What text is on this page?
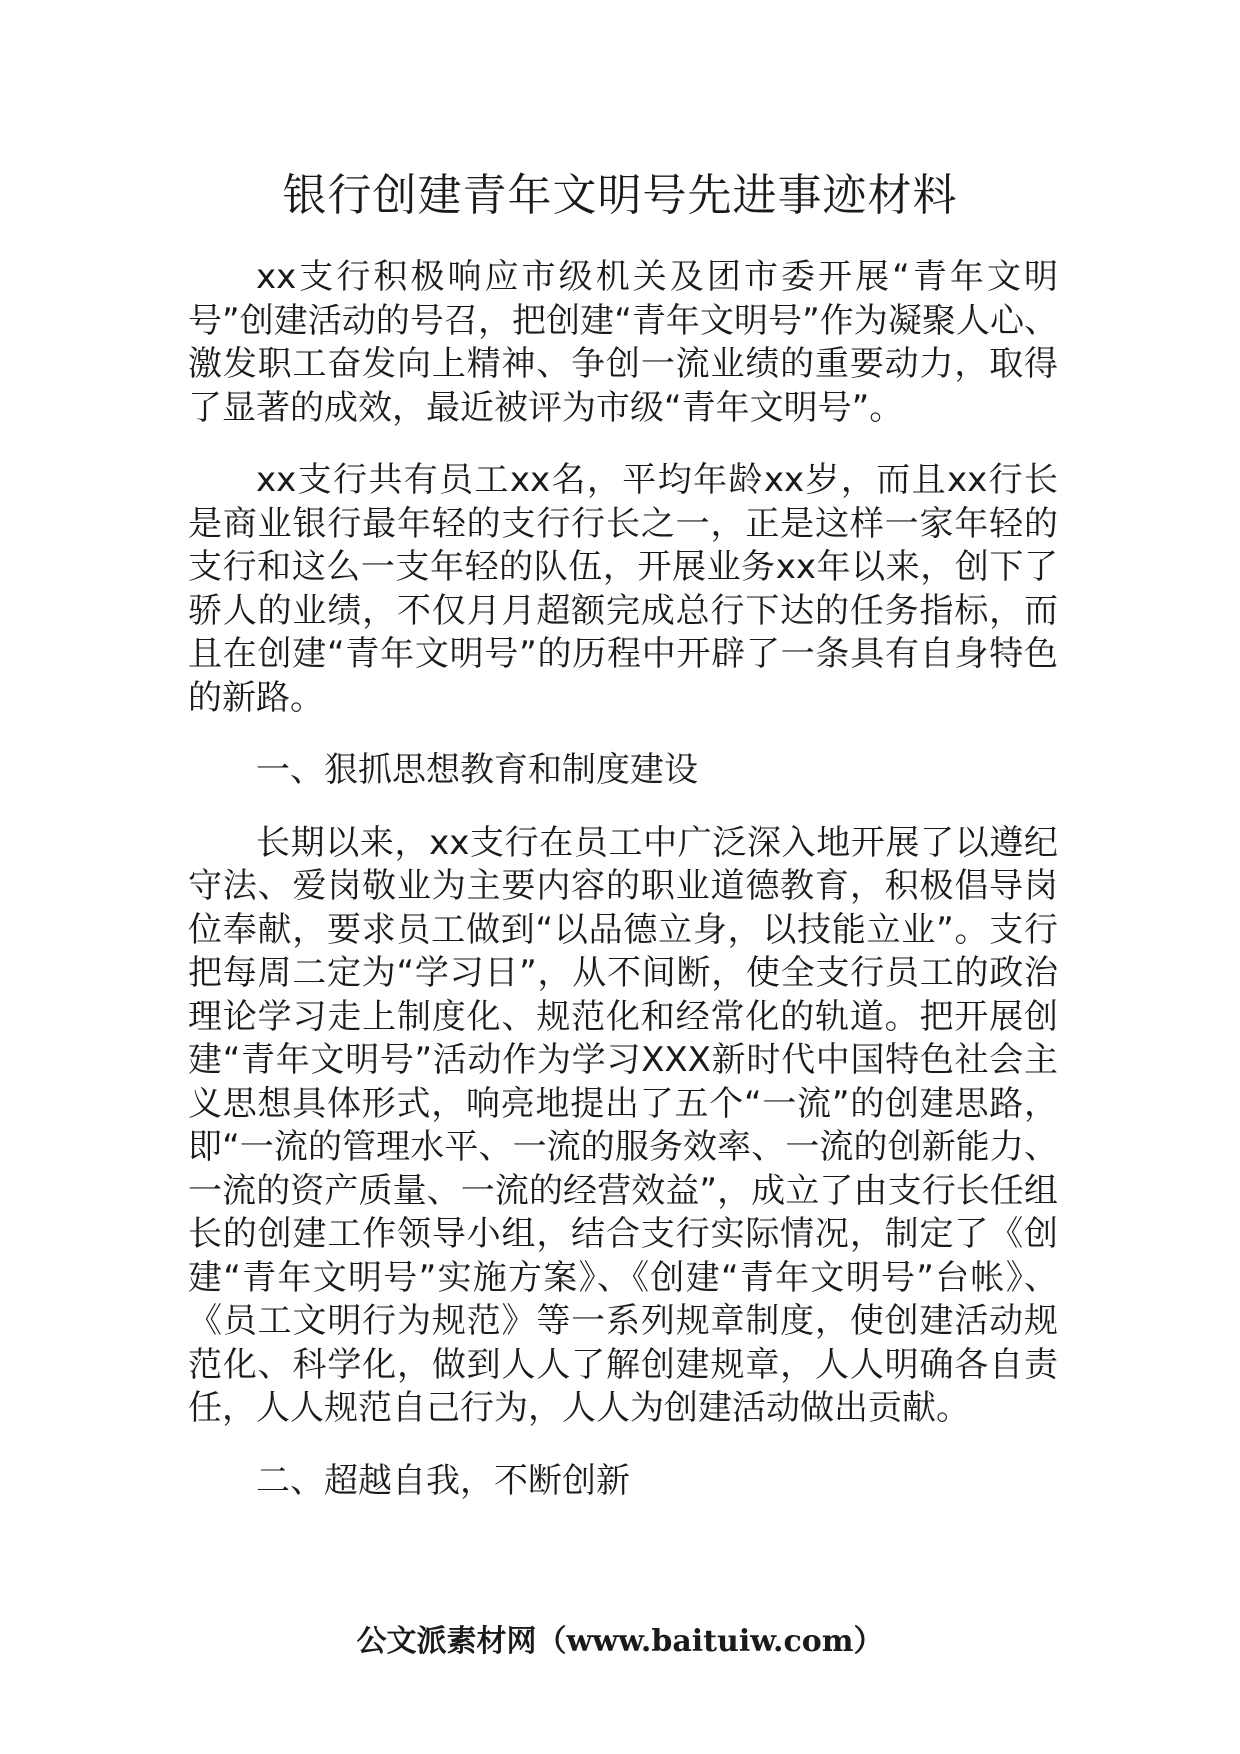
银行创建青年文明号先进事迹材料

xx支行积极响应市级机关及团市委开展“青年文明号”创建活动的号召，把创建“青年文明号”作为凝聚人心、激发职工奋发向上精神、争创一流业绩的重要动力，取得了显著的成效，最近被评为市级“青年文明号”。

xx支行共有员工xx名，平均年龄xx岁，而且xx行长是商业银行最年轻的支行行长之一，正是这样一家年轻的支行和这么一支年轻的队伍，开展业务xx年以来，创下了骄人的业绩，不仅月月超额完成总行下达的任务指标，而且在创建“青年文明号”的历程中开辟了一条具有自身特色的新路。

一、狠抓思想教育和制度建设

长期以来，xx支行在员工中广泛深入地开展了以遵纪守法、爱岗敬业为主要内容的职业道德教育，积极倡导岗位奉献，要求员工做到“以品德立身，以技能立业”。支行把每周二定为“学习日”，从不间断，使全支行员工的政治理论学习走上制度化、规范化和经常化的轨道。把开展创建“青年文明号”活动作为学习XXX新时代中国特色社会主义思想具体形式，响亮地提出了五个“一流”的创建思路，即“一流的管理水平、一流的服务效率、一流的创新能力、一流的资产质量、一流的经营效益”，成立了由支行长任组长的创建工作领导小组，结合支行实际情况，制定了《创建“青年文明号”实施方案》、《创建“青年文明号”台帐》、《员工文明行为规范》等一系列规章制度，使创建活动规范化、科学化，做到人人了解创建规章，人人明确各自责任，人人规范自己行为，人人为创建活动做出贡献。

二、超越自我，不断创新

公文派素材网（www.baituiw.com）
